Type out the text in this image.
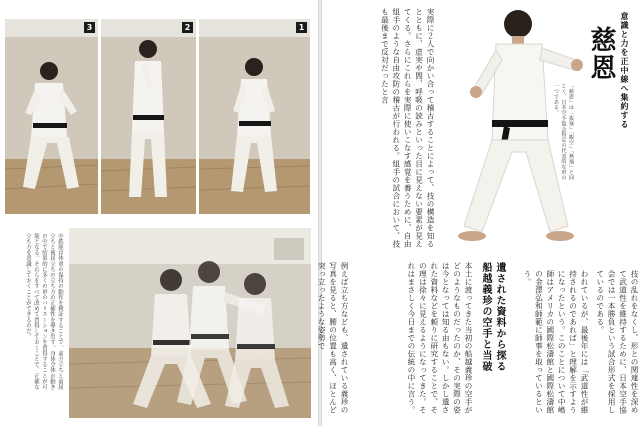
3	2	1
中鉄能は体重の保持の動作を検証することで、前方立ちと前屈立ちと後屈立ちの立ち方の正確性を導き出す。身体全体の動きの中で結果的に多くの形のバリエーションを習得することが可能となる。それらをすべて改めて習得しておくことで、正確な立ち方を意識しておくことができるのだ。
意識と力を正中線へ集約する
慈恩
「慈恩」は「抜塞」「観空」「燕飛」と同じく、日本空手協会指定の代表的な形の一つである。
われているが、最後年には「武道性が維持されるのであれば」と理解を示すようになったという。このことについて中嶋師はアメリカの國際松濤館と國際松濤館の金澤弘和師範に師事を取っているという。	技の乱れをなくし、形との関連性を深めて武道性を維持するために、日本空手協会では一本勝負という試合形式を採用しているのである。
遺された資料から探る
船越義珍の空手と当破
本土に渡ってきた当初の船越義珍の空手がどのようなものだったのか、その実際の姿は今となっては知る由もない。しかし遺された資料などを頼りに研究することで、その理は徐々に見えるようになってきた。それはまさしく今日までの伝統の中に言う。
例えば立ち方なども、遺されている義珍の写真を見ると、腰の位置も高く、ほとんど突っ立ったような姿勢で
実際に２人で向かい合って稽古することによって、技の構造を知るとともに、虚実や間、呼吸の読みといった目に見えない要素が見えてくる。さらにこれらを実際に使いこなす感覚を養うために、自由組手のような自由攻防の稽古が行われる。組手の試合において、技も最後まで反対だったと言
